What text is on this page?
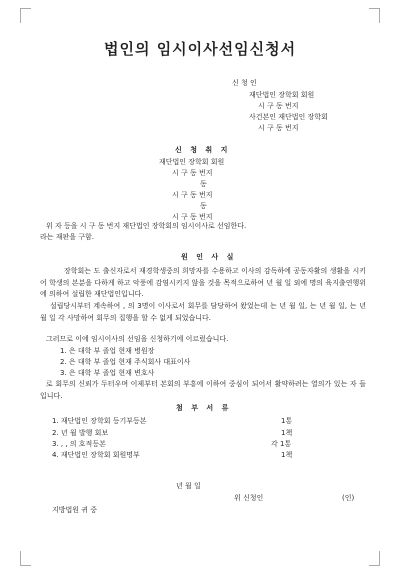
법인의 임시이사선임신청서
신 청 인
재단법인 장학회 회원
시 구 동 번지
사건본인 재단법인 장학회
시 구 동 번지
신 청 취 지
재단법인 장학회 회원
시 구 동 번지
동
시 구 동 번지
동
시 구 동 번지
위 자 등을 시 구 동 번지 재단법인 장학회의 임시이사로 선임한다.
라는 재판을 구함.
원 인 사 실
장학회는 도 출신자로서 재경학생중의 희망자를 수용하고 이사의 감독하에 공동자활의 생활을 시키어 학생의 본분을 다하게 하고 악풍에 감염시키지 않을 것을 목적으로하여 년 월 일 외에 명의 육지출연행위에 의하여 설립한 재단법인입니다.
설립당시부터 계속하여 , 의 3명이 이사로서 회무를 담당하여 왔었는데 는 년 월 일, 는 년 월 일, 는 년 월 일 각 사망하여 회무의 집행을 할 수 없게 되었습니다.
그러므로 이에 임시이사의 선임을 신청하기에 이르렀습니다.
1. 은 대학 부 졸업 현재 병원장
2. 은 대학 부 졸업 현재 주식회사 대표이사
3. 은 대학 부 졸업 현재 변호사
로 회무의 신뢰가 두터우며 이제부터 본회의 부흥에 이하여 중심이 되어서 활약하려는 열의가 있는 자 들입니다.
첨 부 서 류
1. 재단법인 장학회 등기부등본	1통
2. 년 월 발행 회보	1책
3. , , 의 호적등본	각 1통
4. 재단법인 장학회 회원명부	1책
년 월 일
위 신청인	(인)
지방법원 귀 중
